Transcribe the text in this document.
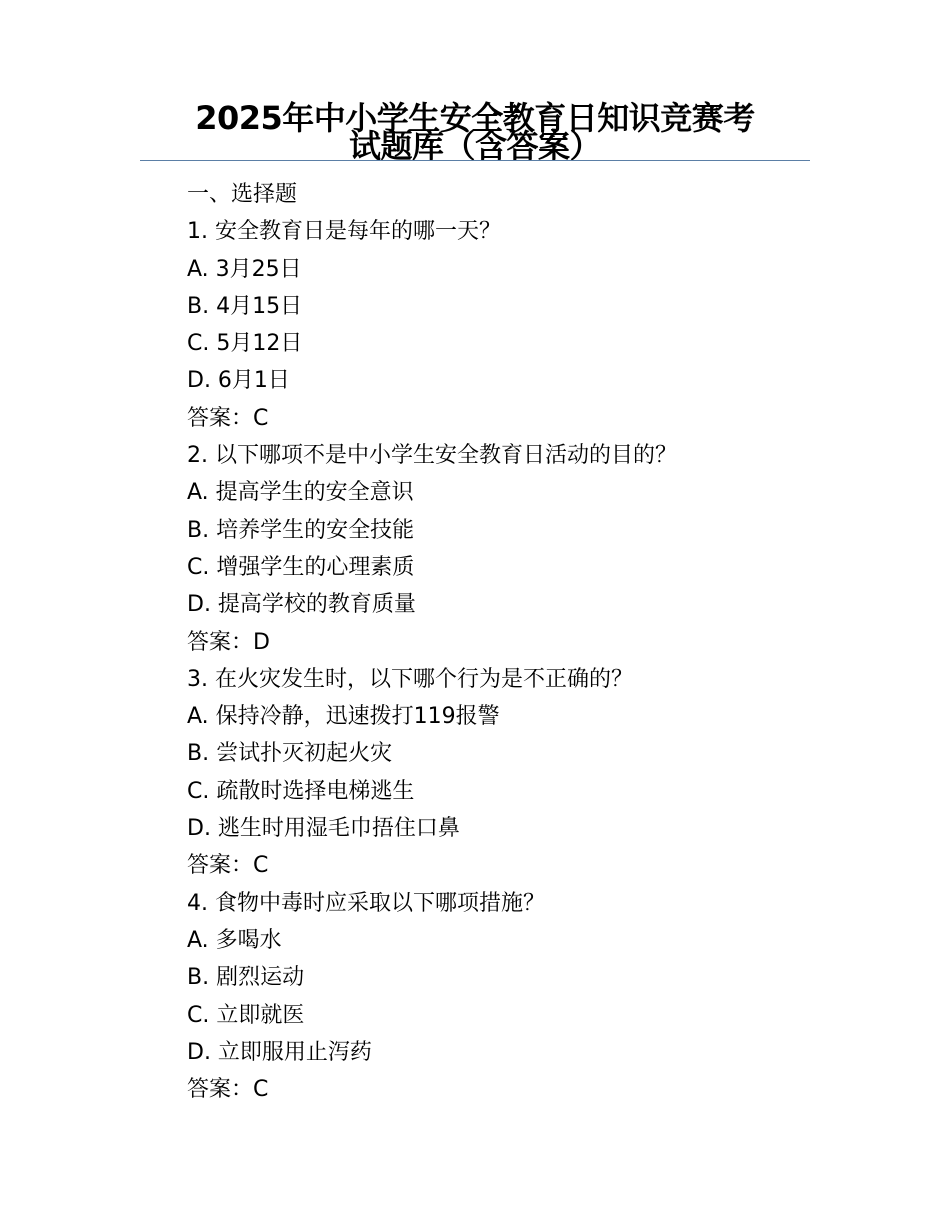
2025年中小学生安全教育日知识竞赛考
试题库（含答案）
一、选择题
1. 安全教育日是每年的哪一天？
A. 3月25日
B. 4月15日
C. 5月12日
D. 6月1日
答案：C
2. 以下哪项不是中小学生安全教育日活动的目的？
A. 提高学生的安全意识
B. 培养学生的安全技能
C. 增强学生的心理素质
D. 提高学校的教育质量
答案：D
3. 在火灾发生时，以下哪个行为是不正确的？
A. 保持冷静，迅速拨打119报警
B. 尝试扑灭初起火灾
C. 疏散时选择电梯逃生
D. 逃生时用湿毛巾捂住口鼻
答案：C
4. 食物中毒时应采取以下哪项措施？
A. 多喝水
B. 剧烈运动
C. 立即就医
D. 立即服用止泻药
答案：C
